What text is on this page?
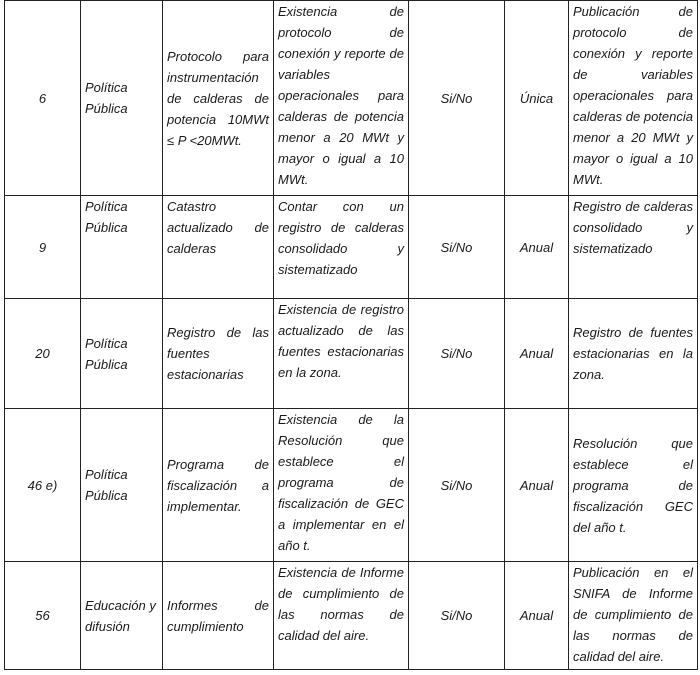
6	Política Pública	Protocolo para instrumentación de calderas de potencia 10MWt ≤ P <20MWt.	Existencia de protocolo de conexión y reporte de variables operacionales para calderas de potencia menor a 20 MWt y mayor o igual a 10 MWt.	Si/No	Única	Publicación de protocolo de conexión y reporte de variables operacionales para calderas de potencia menor a 20 MWt y mayor o igual a 10 MWt.
9	Política Pública	Catastro actualizado de calderas	Contar con un registro de calderas consolidado y sistematizado	Si/No	Anual	Registro de calderas consolidado y sistematizado
20	Política Pública	Registro de las fuentes estacionarias	Existencia de registro actualizado de las fuentes estacionarias en la zona.	Si/No	Anual	Registro de fuentes estacionarias en la zona.
46 e)	Política Pública	Programa de fiscalización a implementar.	Existencia de la Resolución que establece el programa de fiscalización de GEC a implementar en el año t.	Si/No	Anual	Resolución que establece el programa de fiscalización GEC del año t.
56	Educación y difusión	Informes de cumplimiento	Existencia de Informe de cumplimiento de las normas de calidad del aire.	Si/No	Anual	Publicación en el SNIFA de Informe de cumplimiento de las normas de calidad del aire.
